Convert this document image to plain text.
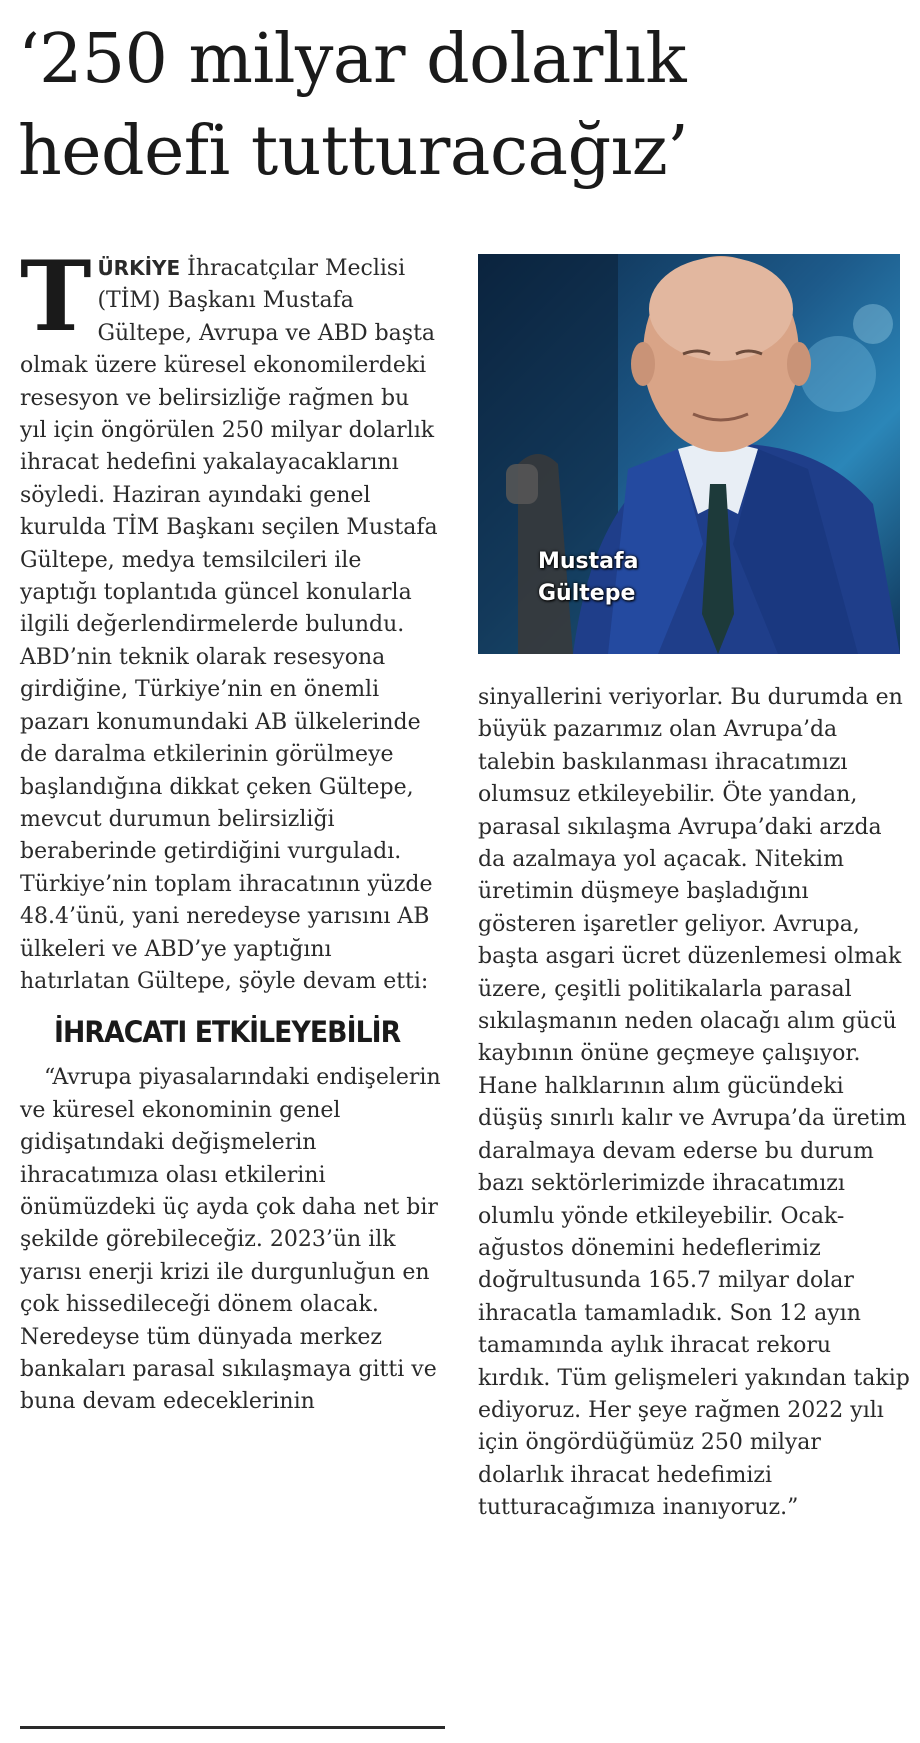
‘250 milyar dolarlık
hedefi tutturacağız’

TÜRKİYE İhracatçılar Meclisi (TİM) Başkanı Mustafa Gültepe, Avrupa ve ABD başta olmak üzere küresel ekonomilerdeki resesyon ve belirsizliğe rağmen bu yıl için öngörülen 250 milyar dolarlık ihracat hedefini yakalayacaklarını söyledi. Haziran ayındaki genel kurulda TİM Başkanı seçilen Mustafa Gültepe, medya temsilcileri ile yaptığı toplantıda güncel konularla ilgili değerlendirmelerde bulundu. ABD’nin teknik olarak resesyona girdiğine, Türkiye’nin en önemli pazarı konumundaki AB ülkelerinde de daralma etkilerinin görülmeye başlandığına dikkat çeken Gültepe, mevcut durumun belirsizliği beraberinde getirdiğini vurguladı. Türkiye’nin toplam ihracatının yüzde 48.4’ünü, yani neredeyse yarısını AB ülkeleri ve ABD’ye yaptığını hatırlatan Gültepe, şöyle devam etti:

İHRACATI ETKİLEYEBİLİR

“Avrupa piyasalarındaki endişelerin ve küresel ekonominin genel gidişatındaki değişmelerin ihracatımıza olası etkilerini önümüzdeki üç ayda çok daha net bir şekilde görebileceğiz. 2023’ün ilk yarısı enerji krizi ile durgunluğun en çok hissedileceği dönem olacak. Neredeyse tüm dünyada merkez bankaları parasal sıkılaşmaya gitti ve buna devam edeceklerinin

Mustafa
Gültepe

sinyallerini veriyorlar. Bu durumda en büyük pazarımız olan Avrupa’da talebin baskılanması ihracatımızı olumsuz etkileyebilir. Öte yandan, parasal sıkılaşma Avrupa’daki arzda da azalmaya yol açacak. Nitekim üretimin düşmeye başladığını gösteren işaretler geliyor. Avrupa, başta asgari ücret düzenlemesi olmak üzere, çeşitli politikalarla parasal sıkılaşmanın neden olacağı alım gücü kaybının önüne geçmeye çalışıyor. Hane halklarının alım gücündeki düşüş sınırlı kalır ve Avrupa’da üretim daralmaya devam ederse bu durum bazı sektörlerimizde ihracatımızı olumlu yönde etkileyebilir. Ocak-ağustos dönemini hedeflerimiz doğrultusunda 165.7 milyar dolar ihracatla tamamladık. Son 12 ayın tamamında aylık ihracat rekoru kırdık. Tüm gelişmeleri yakından takip ediyoruz. Her şeye rağmen 2022 yılı için öngördüğümüz 250 milyar dolarlık ihracat hedefimizi tutturacağımıza inanıyoruz.”
